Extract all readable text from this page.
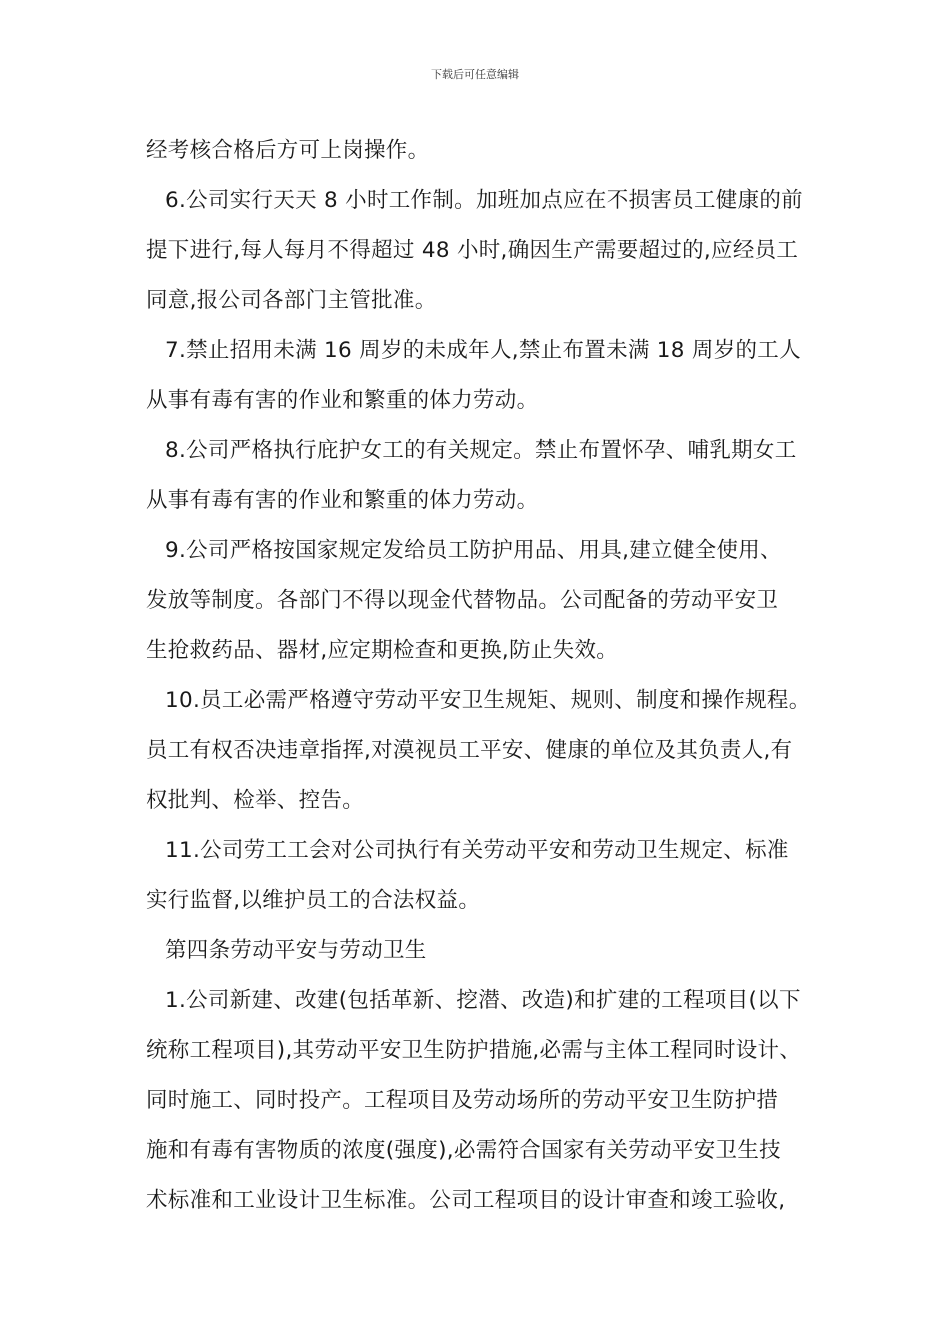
下载后可任意编辑
经考核合格后方可上岗操作。
6.公司实行天天 8 小时工作制。加班加点应在不损害员工健康的前
提下进行,每人每月不得超过 48 小时,确因生产需要超过的,应经员工
同意,报公司各部门主管批准。
7.禁止招用未满 16 周岁的未成年人,禁止布置未满 18 周岁的工人
从事有毒有害的作业和繁重的体力劳动。
8.公司严格执行庇护女工的有关规定。禁止布置怀孕、哺乳期女工
从事有毒有害的作业和繁重的体力劳动。
9.公司严格按国家规定发给员工防护用品、用具,建立健全使用、
发放等制度。各部门不得以现金代替物品。公司配备的劳动平安卫
生抢救药品、器材,应定期检查和更换,防止失效。
10.员工必需严格遵守劳动平安卫生规矩、规则、制度和操作规程。
员工有权否决违章指挥,对漠视员工平安、健康的单位及其负责人,有
权批判、检举、控告。
11.公司劳工工会对公司执行有关劳动平安和劳动卫生规定、标准
实行监督,以维护员工的合法权益。
第四条劳动平安与劳动卫生
1.公司新建、改建(包括革新、挖潜、改造)和扩建的工程项目(以下
统称工程项目),其劳动平安卫生防护措施,必需与主体工程同时设计、
同时施工、同时投产。工程项目及劳动场所的劳动平安卫生防护措
施和有毒有害物质的浓度(强度),必需符合国家有关劳动平安卫生技
术标准和工业设计卫生标准。公司工程项目的设计审查和竣工验收,
